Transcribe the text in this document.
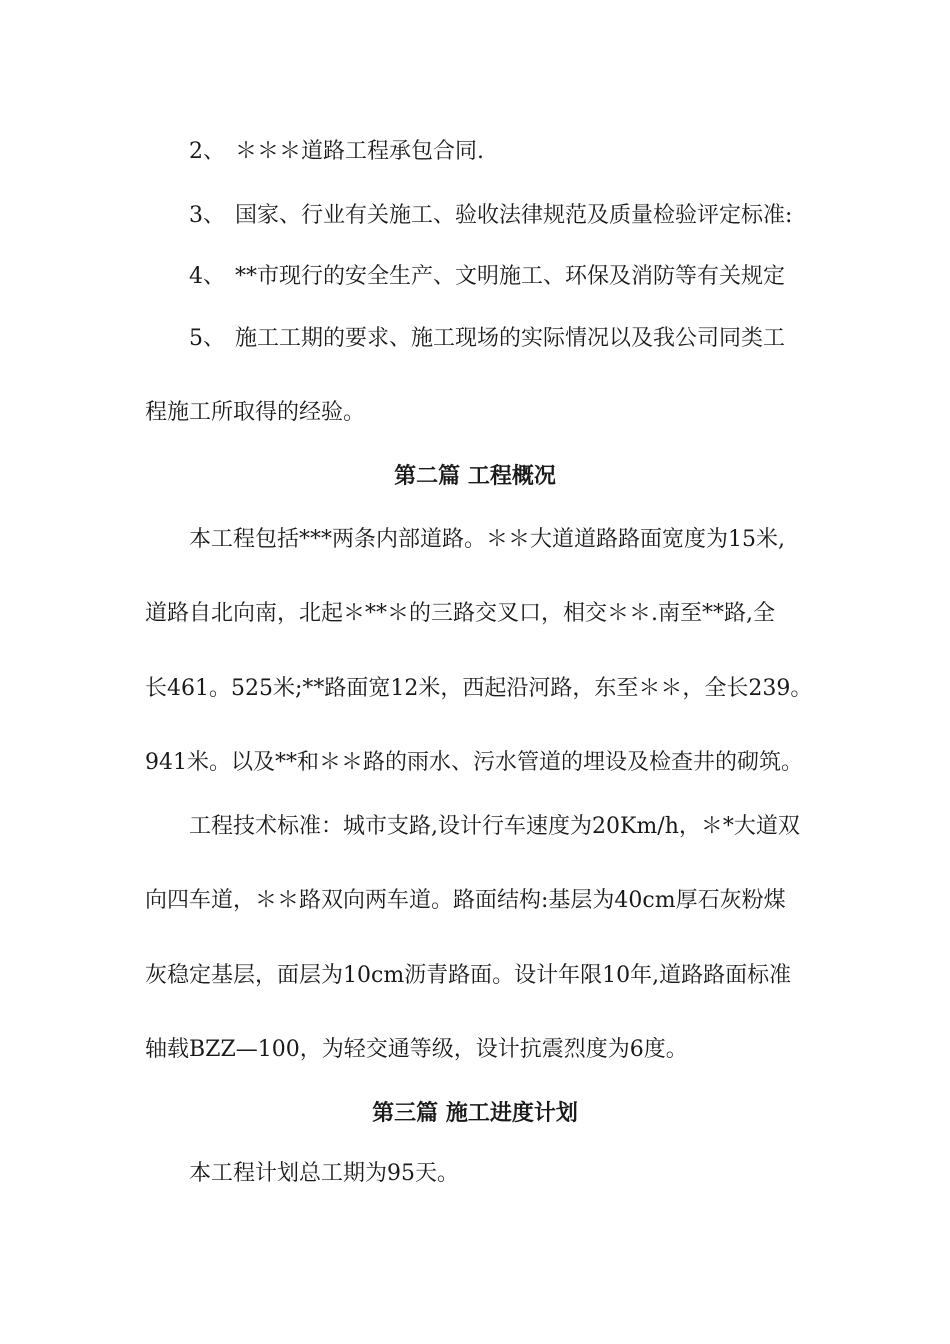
2、 ＊＊＊道路工程承包合同.
3、 国家、行业有关施工、验收法律规范及质量检验评定标准:
4、 **市现行的安全生产、文明施工、环保及消防等有关规定
5、 施工工期的要求、施工现场的实际情况以及我公司同类工
程施工所取得的经验。
第二篇 工程概况
本工程包括***两条内部道路。＊＊大道道路路面宽度为15米,
道路自北向南，北起＊**＊的三路交叉口，相交＊＊.南至**路,全
长461。525米;**路面宽12米，西起沿河路，东至＊＊，全长239。
941米。以及**和＊＊路的雨水、污水管道的埋设及检查井的砌筑。
工程技术标准：城市支路,设计行车速度为20Km/h，＊*大道双
向四车道，＊＊路双向两车道。路面结构:基层为40cm厚石灰粉煤
灰稳定基层，面层为10cm沥青路面。设计年限10年,道路路面标准
轴载BZZ—100，为轻交通等级，设计抗震烈度为6度。
第三篇 施工进度计划
本工程计划总工期为95天。
